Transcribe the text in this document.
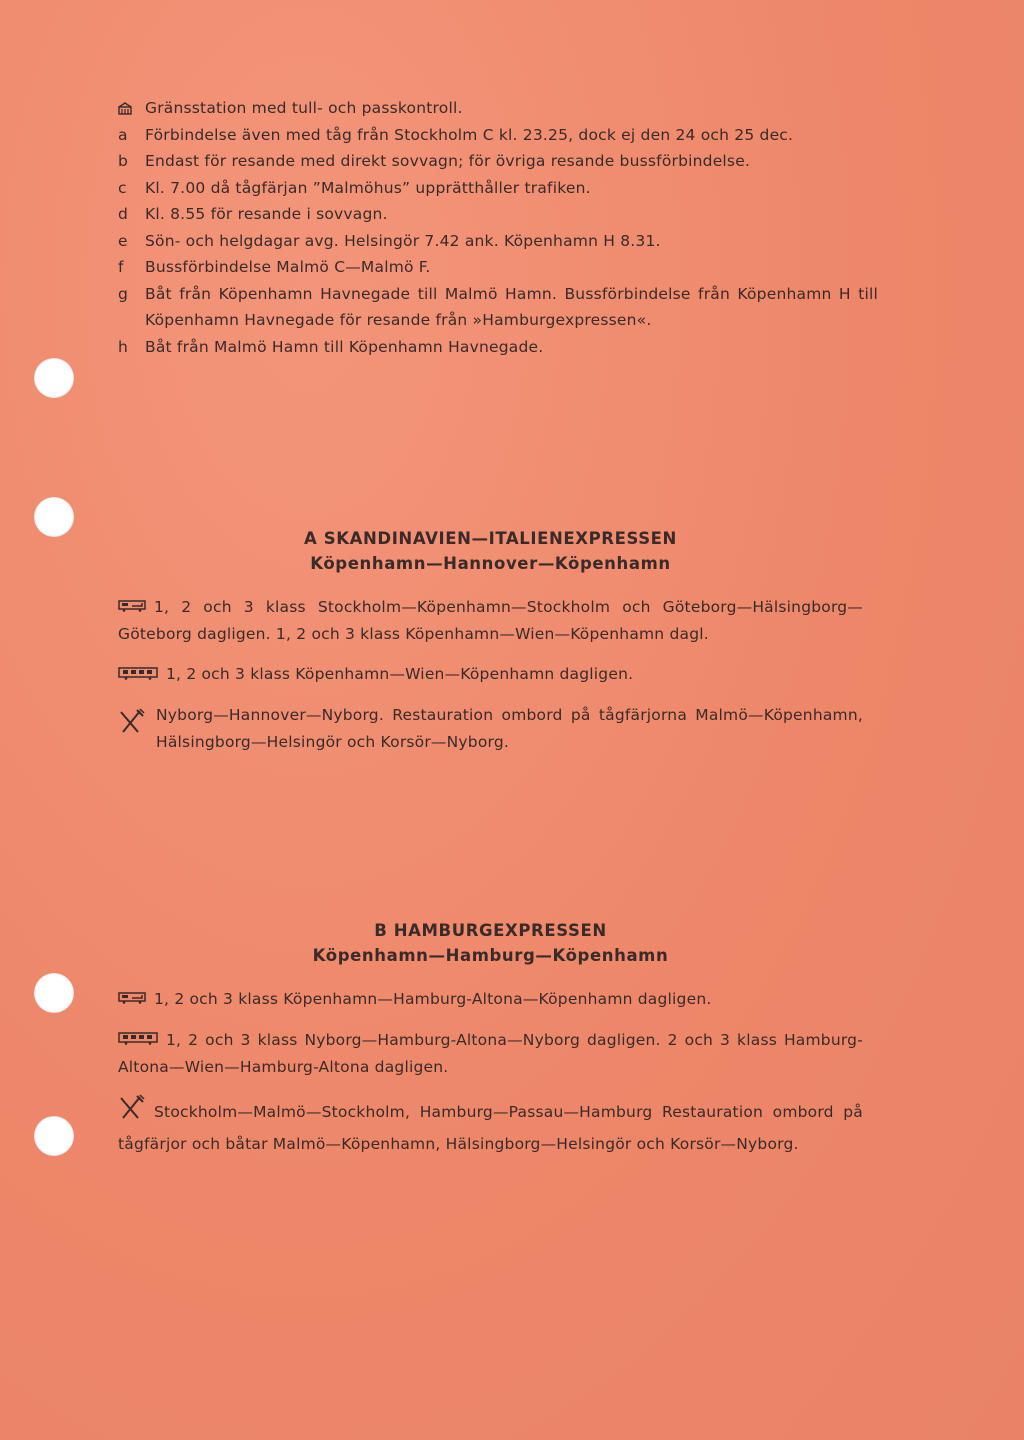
Gränsstation med tull- och passkontroll.
a	Förbindelse även med tåg från Stockholm C kl. 23.25, dock ej den 24 och 25 dec.
b	Endast för resande med direkt sovvagn; för övriga resande bussförbindelse.
c	Kl. 7.00 då tågfärjan ”Malmöhus” upprätthåller trafiken.
d	Kl. 8.55 för resande i sovvagn.
e	Sön- och helgdagar avg. Helsingör 7.42 ank. Köpenhamn H 8.31.
f	Bussförbindelse Malmö C—Malmö F.
g	Båt från Köpenhamn Havnegade till Malmö Hamn. Bussförbindelse från Köpenhamn H till Köpenhamn Havnegade för resande från »Hamburgexpressen«.
h	Båt från Malmö Hamn till Köpenhamn Havnegade.
A SKANDINAVIEN—ITALIENEXPRESSEN
Köpenhamn—Hannover—Köpenhamn
1, 2 och 3 klass Stockholm—Köpenhamn—Stockholm och Göteborg—Hälsingborg—Göteborg dagligen. 1, 2 och 3 klass Köpenhamn—Wien—Köpenhamn dagl.
1, 2 och 3 klass Köpenhamn—Wien—Köpenhamn dagligen.
Nyborg—Hannover—Nyborg. Restauration ombord på tågfärjorna Malmö—Köpenhamn, Hälsingborg—Helsingör och Korsör—Nyborg.
B HAMBURGEXPRESSEN
Köpenhamn—Hamburg—Köpenhamn
1, 2 och 3 klass Köpenhamn—Hamburg-Altona—Köpenhamn dagligen.
1, 2 och 3 klass Nyborg—Hamburg-Altona—Nyborg dagligen. 2 och 3 klass Hamburg-Altona—Wien—Hamburg-Altona dagligen.
Stockholm—Malmö—Stockholm, Hamburg—Passau—Hamburg Restauration ombord på tågfärjor och båtar Malmö—Köpenhamn, Hälsingborg—Helsingör och Korsör—Nyborg.
